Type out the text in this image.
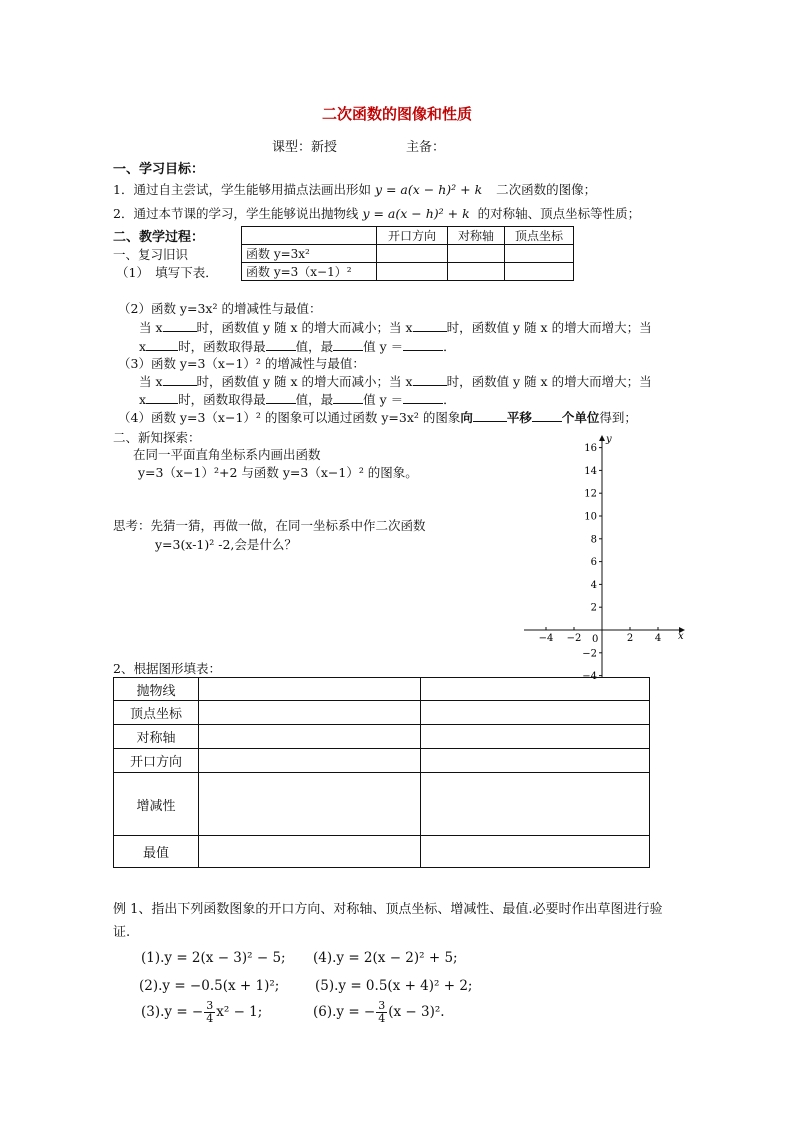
二次函数的图像和性质
课型：新授	主备：
一、学习目标：
1．通过自主尝试，学生能够用描点法画出形如 y = a(x − h)² + k 二次函数的图像；
2．通过本节课的学习，学生能够说出抛物线 y = a(x − h)² + k 的对称轴、顶点坐标等性质；
二、教学过程：
一、复习旧识
（1）　填写下表．
	开口方向	对称轴	顶点坐标
函数 y=3x²			
函数 y=3（x−1）²			
（2）函数 y=3x² 的增减性与最值：
当 x	时，函数值 y 随 x 的增大而减小；当 x	时，函数值 y 随 x 的增大而增大；当
x	时，函数取得最 值，最 值 y ＝	．
（3）函数 y=3（x−1）² 的增减性与最值：
当 x	时，函数值 y 随 x 的增大而减小；当 x	时，函数值 y 随 x 的增大而增大；当
x	时，函数取得最 值，最 值 y ＝	．
（4）函数 y=3（x−1）² 的图象可以通过函数 y=3x² 的图象向	平移 个单位得到；
二、新知探索：
在同一平面直角坐标系内画出函数
y=3（x−1）²+2 与函数 y=3（x−1）² 的图象。
思考：先猜一猜，再做一做，在同一坐标系中作二次函数
y=3(x-1)² -2,会是什么？
16
14
12
10
8
6
4
2
−2
−4
−4 −2	2 4
y
x
0
2、根据图形填表：
抛物线		
顶点坐标		
对称轴		
开口方向		
增减性		
最值		
例 1、指出下列函数图象的开口方向、对称轴、顶点坐标、增减性、最值.必要时作出草图进行验
证.
(1).y = 2(x − 3)² − 5; (4).y = 2(x − 2)² + 5;
(2).y = −0.5(x + 1)²;	(5).y = 0.5(x + 4)² + 2;
(3).y = − $\frac{3}{4} x^2 - 1$;	(6).y = − $\frac{3}{4} (x - 3)^2$.
